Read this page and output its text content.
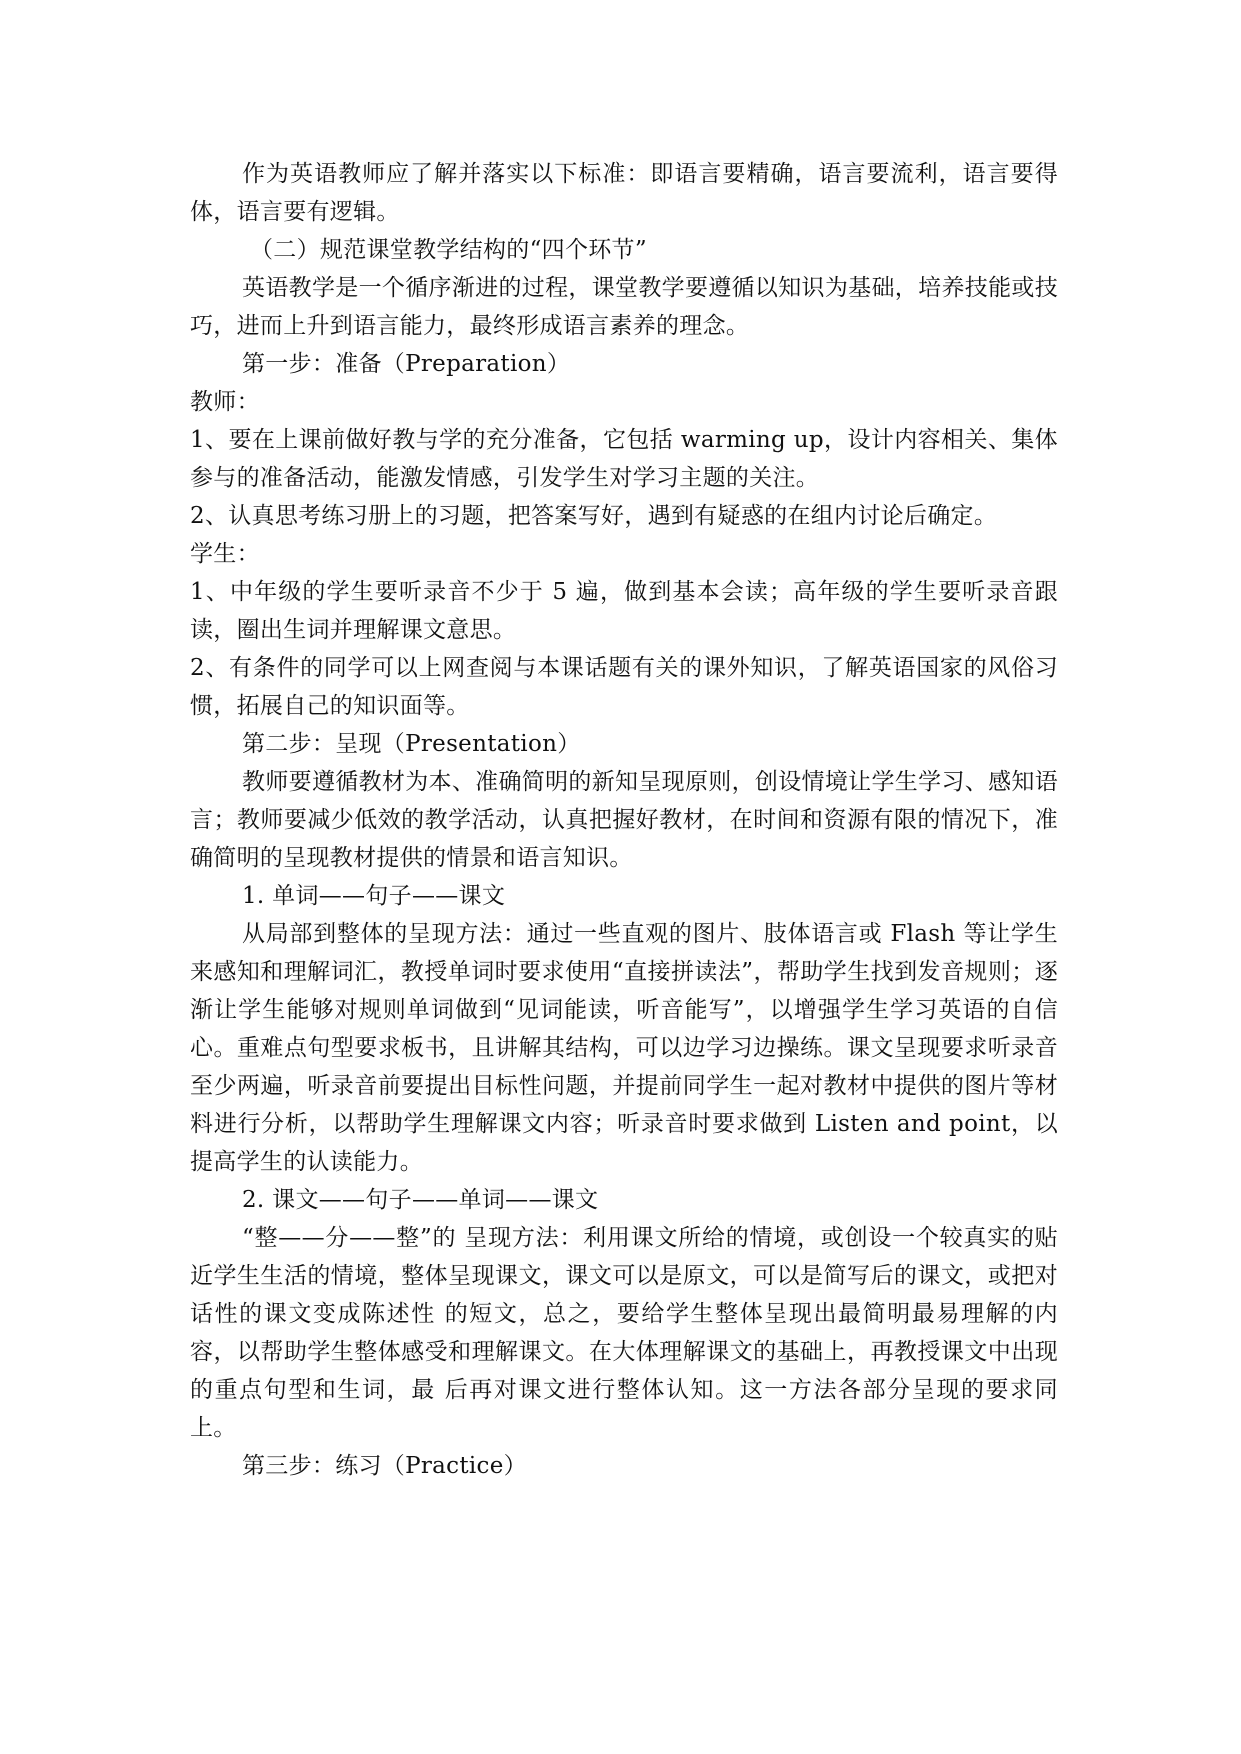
作为英语教师应了解并落实以下标准：即语言要精确，语言要流利，语言要得体，语言要有逻辑。

（二）规范课堂教学结构的“四个环节”

英语教学是一个循序渐进的过程，课堂教学要遵循以知识为基础，培养技能或技巧，进而上升到语言能力，最终形成语言素养的理念。

第一步：准备（Preparation）

教师：

1、要在上课前做好教与学的充分准备，它包括 warming up，设计内容相关、集体参与的准备活动，能激发情感，引发学生对学习主题的关注。

2、认真思考练习册上的习题，把答案写好，遇到有疑惑的在组内讨论后确定。

学生：

1、中年级的学生要听录音不少于 5 遍，做到基本会读；高年级的学生要听录音跟读，圈出生词并理解课文意思。

2、有条件的同学可以上网查阅与本课话题有关的课外知识，了解英语国家的风俗习惯，拓展自己的知识面等。

第二步：呈现（Presentation）

教师要遵循教材为本、准确简明的新知呈现原则，创设情境让学生学习、感知语言；教师要减少低效的教学活动，认真把握好教材，在时间和资源有限的情况下，准确简明的呈现教材提供的情景和语言知识。

1. 单词——句子——课文

从局部到整体的呈现方法：通过一些直观的图片、肢体语言或 Flash 等让学生来感知和理解词汇，教授单词时要求使用“直接拼读法”，帮助学生找到发音规则；逐渐让学生能够对规则单词做到“见词能读，听音能写”，以增强学生学习英语的自信心。重难点句型要求板书，且讲解其结构，可以边学习边操练。课文呈现要求听录音至少两遍，听录音前要提出目标性问题，并提前同学生一起对教材中提供的图片等材料进行分析，以帮助学生理解课文内容；听录音时要求做到 Listen and point，以提高学生的认读能力。

2. 课文——句子——单词——课文

“整——分——整”的 呈现方法：利用课文所给的情境，或创设一个较真实的贴近学生生活的情境，整体呈现课文，课文可以是原文，可以是简写后的课文，或把对话性的课文变成陈述性 的短文，总之，要给学生整体呈现出最简明最易理解的内容，以帮助学生整体感受和理解课文。在大体理解课文的基础上，再教授课文中出现的重点句型和生词，最 后再对课文进行整体认知。这一方法各部分呈现的要求同上。

第三步：练习（Practice）
